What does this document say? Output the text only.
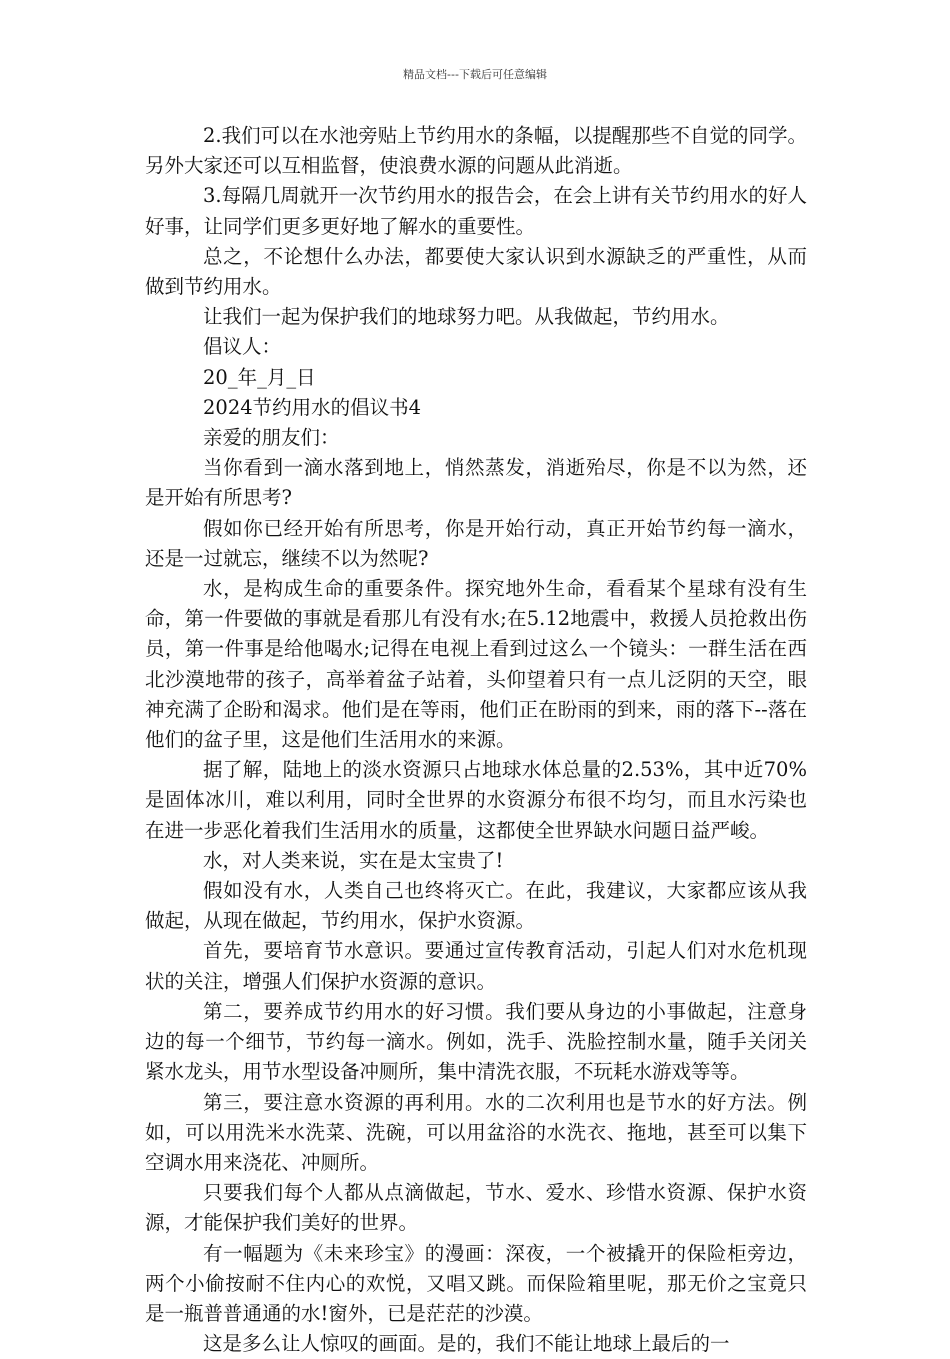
精品文档---下载后可任意编辑

2.我们可以在水池旁贴上节约用水的条幅，以提醒那些不自觉的同学。另外大家还可以互相监督，使浪费水源的问题从此消逝。

3.每隔几周就开一次节约用水的报告会，在会上讲有关节约用水的好人好事，让同学们更多更好地了解水的重要性。

总之，不论想什么办法，都要使大家认识到水源缺乏的严重性，从而做到节约用水。

让我们一起为保护我们的地球努力吧。从我做起，节约用水。

倡议人：

20_年_月_日

2024节约用水的倡议书4

亲爱的朋友们：

当你看到一滴水落到地上，悄然蒸发，消逝殆尽，你是不以为然，还是开始有所思考?

假如你已经开始有所思考，你是开始行动，真正开始节约每一滴水，还是一过就忘，继续不以为然呢?

水，是构成生命的重要条件。探究地外生命，看看某个星球有没有生命，第一件要做的事就是看那儿有没有水;在5.12地震中，救援人员抢救出伤员，第一件事是给他喝水;记得在电视上看到过这么一个镜头：一群生活在西北沙漠地带的孩子，高举着盆子站着，头仰望着只有一点儿泛阴的天空，眼神充满了企盼和渴求。他们是在等雨，他们正在盼雨的到来，雨的落下--落在他们的盆子里，这是他们生活用水的来源。

据了解，陆地上的淡水资源只占地球水体总量的2.53%，其中近70%是固体冰川，难以利用，同时全世界的水资源分布很不均匀，而且水污染也在进一步恶化着我们生活用水的质量，这都使全世界缺水问题日益严峻。

水，对人类来说，实在是太宝贵了!

假如没有水，人类自己也终将灭亡。在此，我建议，大家都应该从我做起，从现在做起，节约用水，保护水资源。

首先，要培育节水意识。要通过宣传教育活动，引起人们对水危机现状的关注，增强人们保护水资源的意识。

第二，要养成节约用水的好习惯。我们要从身边的小事做起，注意身边的每一个细节，节约每一滴水。例如，洗手、洗脸控制水量，随手关闭关紧水龙头，用节水型设备冲厕所，集中清洗衣服，不玩耗水游戏等等。

第三，要注意水资源的再利用。水的二次利用也是节水的好方法。例如，可以用洗米水洗菜、洗碗，可以用盆浴的水洗衣、拖地，甚至可以集下空调水用来浇花、冲厕所。

只要我们每个人都从点滴做起，节水、爱水、珍惜水资源、保护水资源，才能保护我们美好的世界。

有一幅题为《未来珍宝》的漫画：深夜，一个被撬开的保险柜旁边，两个小偷按耐不住内心的欢悦，又唱又跳。而保险箱里呢，那无价之宝竟只是一瓶普普通通的水!窗外，已是茫茫的沙漠。

这是多么让人惊叹的画面。是的，我们不能让地球上最后的一
